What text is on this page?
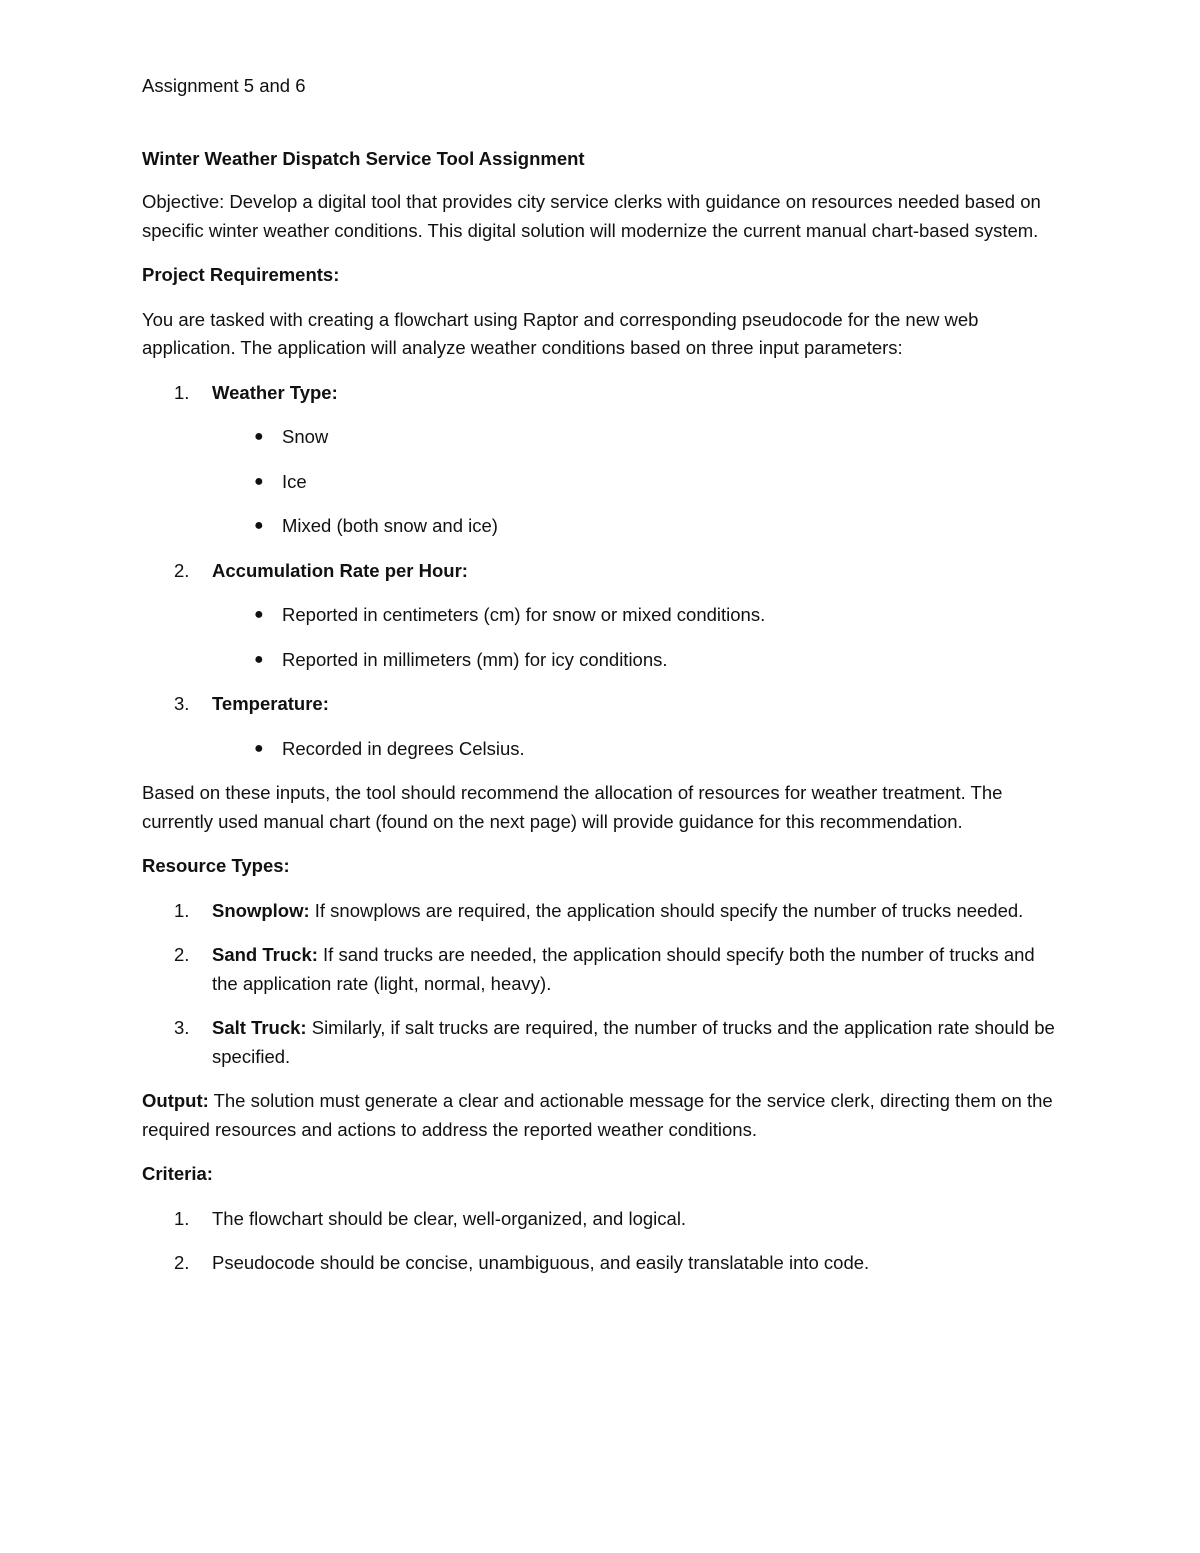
Assignment 5 and 6
Winter Weather Dispatch Service Tool Assignment

Objective: Develop a digital tool that provides city service clerks with guidance on resources needed based on specific winter weather conditions. This digital solution will modernize the current manual chart-based system.

Project Requirements:

You are tasked with creating a flowchart using Raptor and corresponding pseudocode for the new web application. The application will analyze weather conditions based on three input parameters:

1. Weather Type:
● Snow
● Ice
● Mixed (both snow and ice)
2. Accumulation Rate per Hour:
● Reported in centimeters (cm) for snow or mixed conditions.
● Reported in millimeters (mm) for icy conditions.
3. Temperature:
● Recorded in degrees Celsius.

Based on these inputs, the tool should recommend the allocation of resources for weather treatment. The currently used manual chart (found on the next page) will provide guidance for this recommendation.

Resource Types:
1. Snowplow: If snowplows are required, the application should specify the number of trucks needed.
2. Sand Truck: If sand trucks are needed, the application should specify both the number of trucks and the application rate (light, normal, heavy).
3. Salt Truck: Similarly, if salt trucks are required, the number of trucks and the application rate should be specified.

Output: The solution must generate a clear and actionable message for the service clerk, directing them on the required resources and actions to address the reported weather conditions.

Criteria:
1. The flowchart should be clear, well-organized, and logical.
2. Pseudocode should be concise, unambiguous, and easily translatable into code.
